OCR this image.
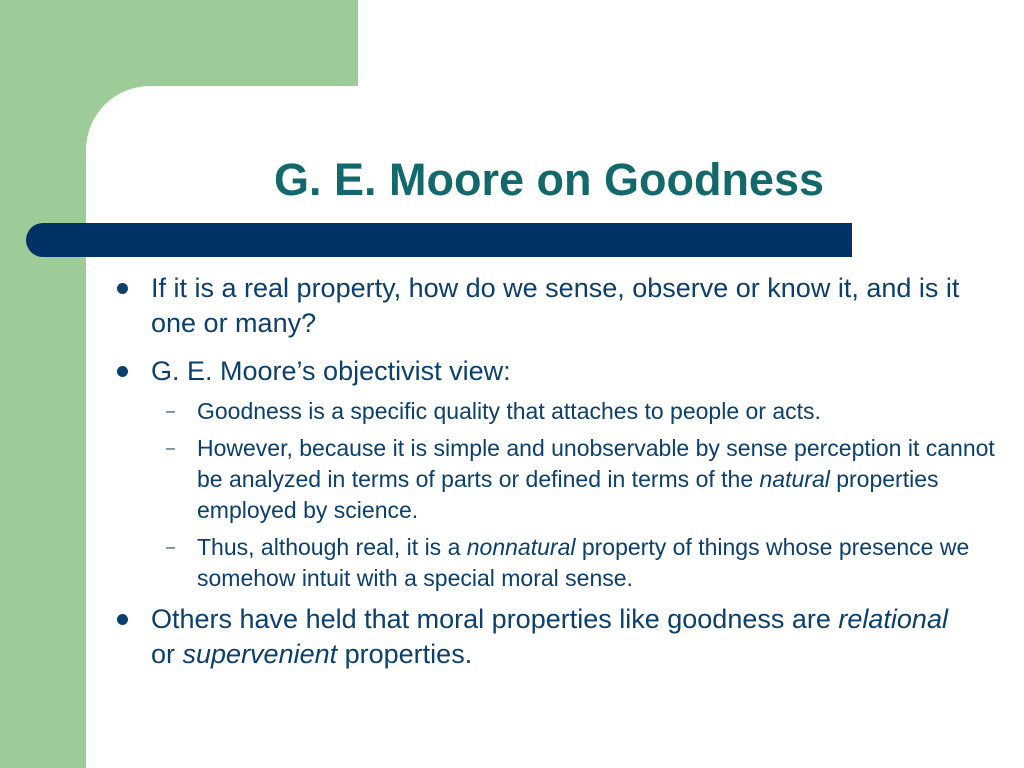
G. E. Moore on Goodness
If it is a real property, how do we sense, observe or know it, and is it one or many?
G. E. Moore’s objectivist view:
– Goodness is a specific quality that attaches to people or acts.
– However, because it is simple and unobservable by sense perception it cannot be analyzed in terms of parts or defined in terms of the natural properties employed by science.
– Thus, although real, it is a nonnatural property of things whose presence we somehow intuit with a special moral sense.
Others have held that moral properties like goodness are relational or supervenient properties.
